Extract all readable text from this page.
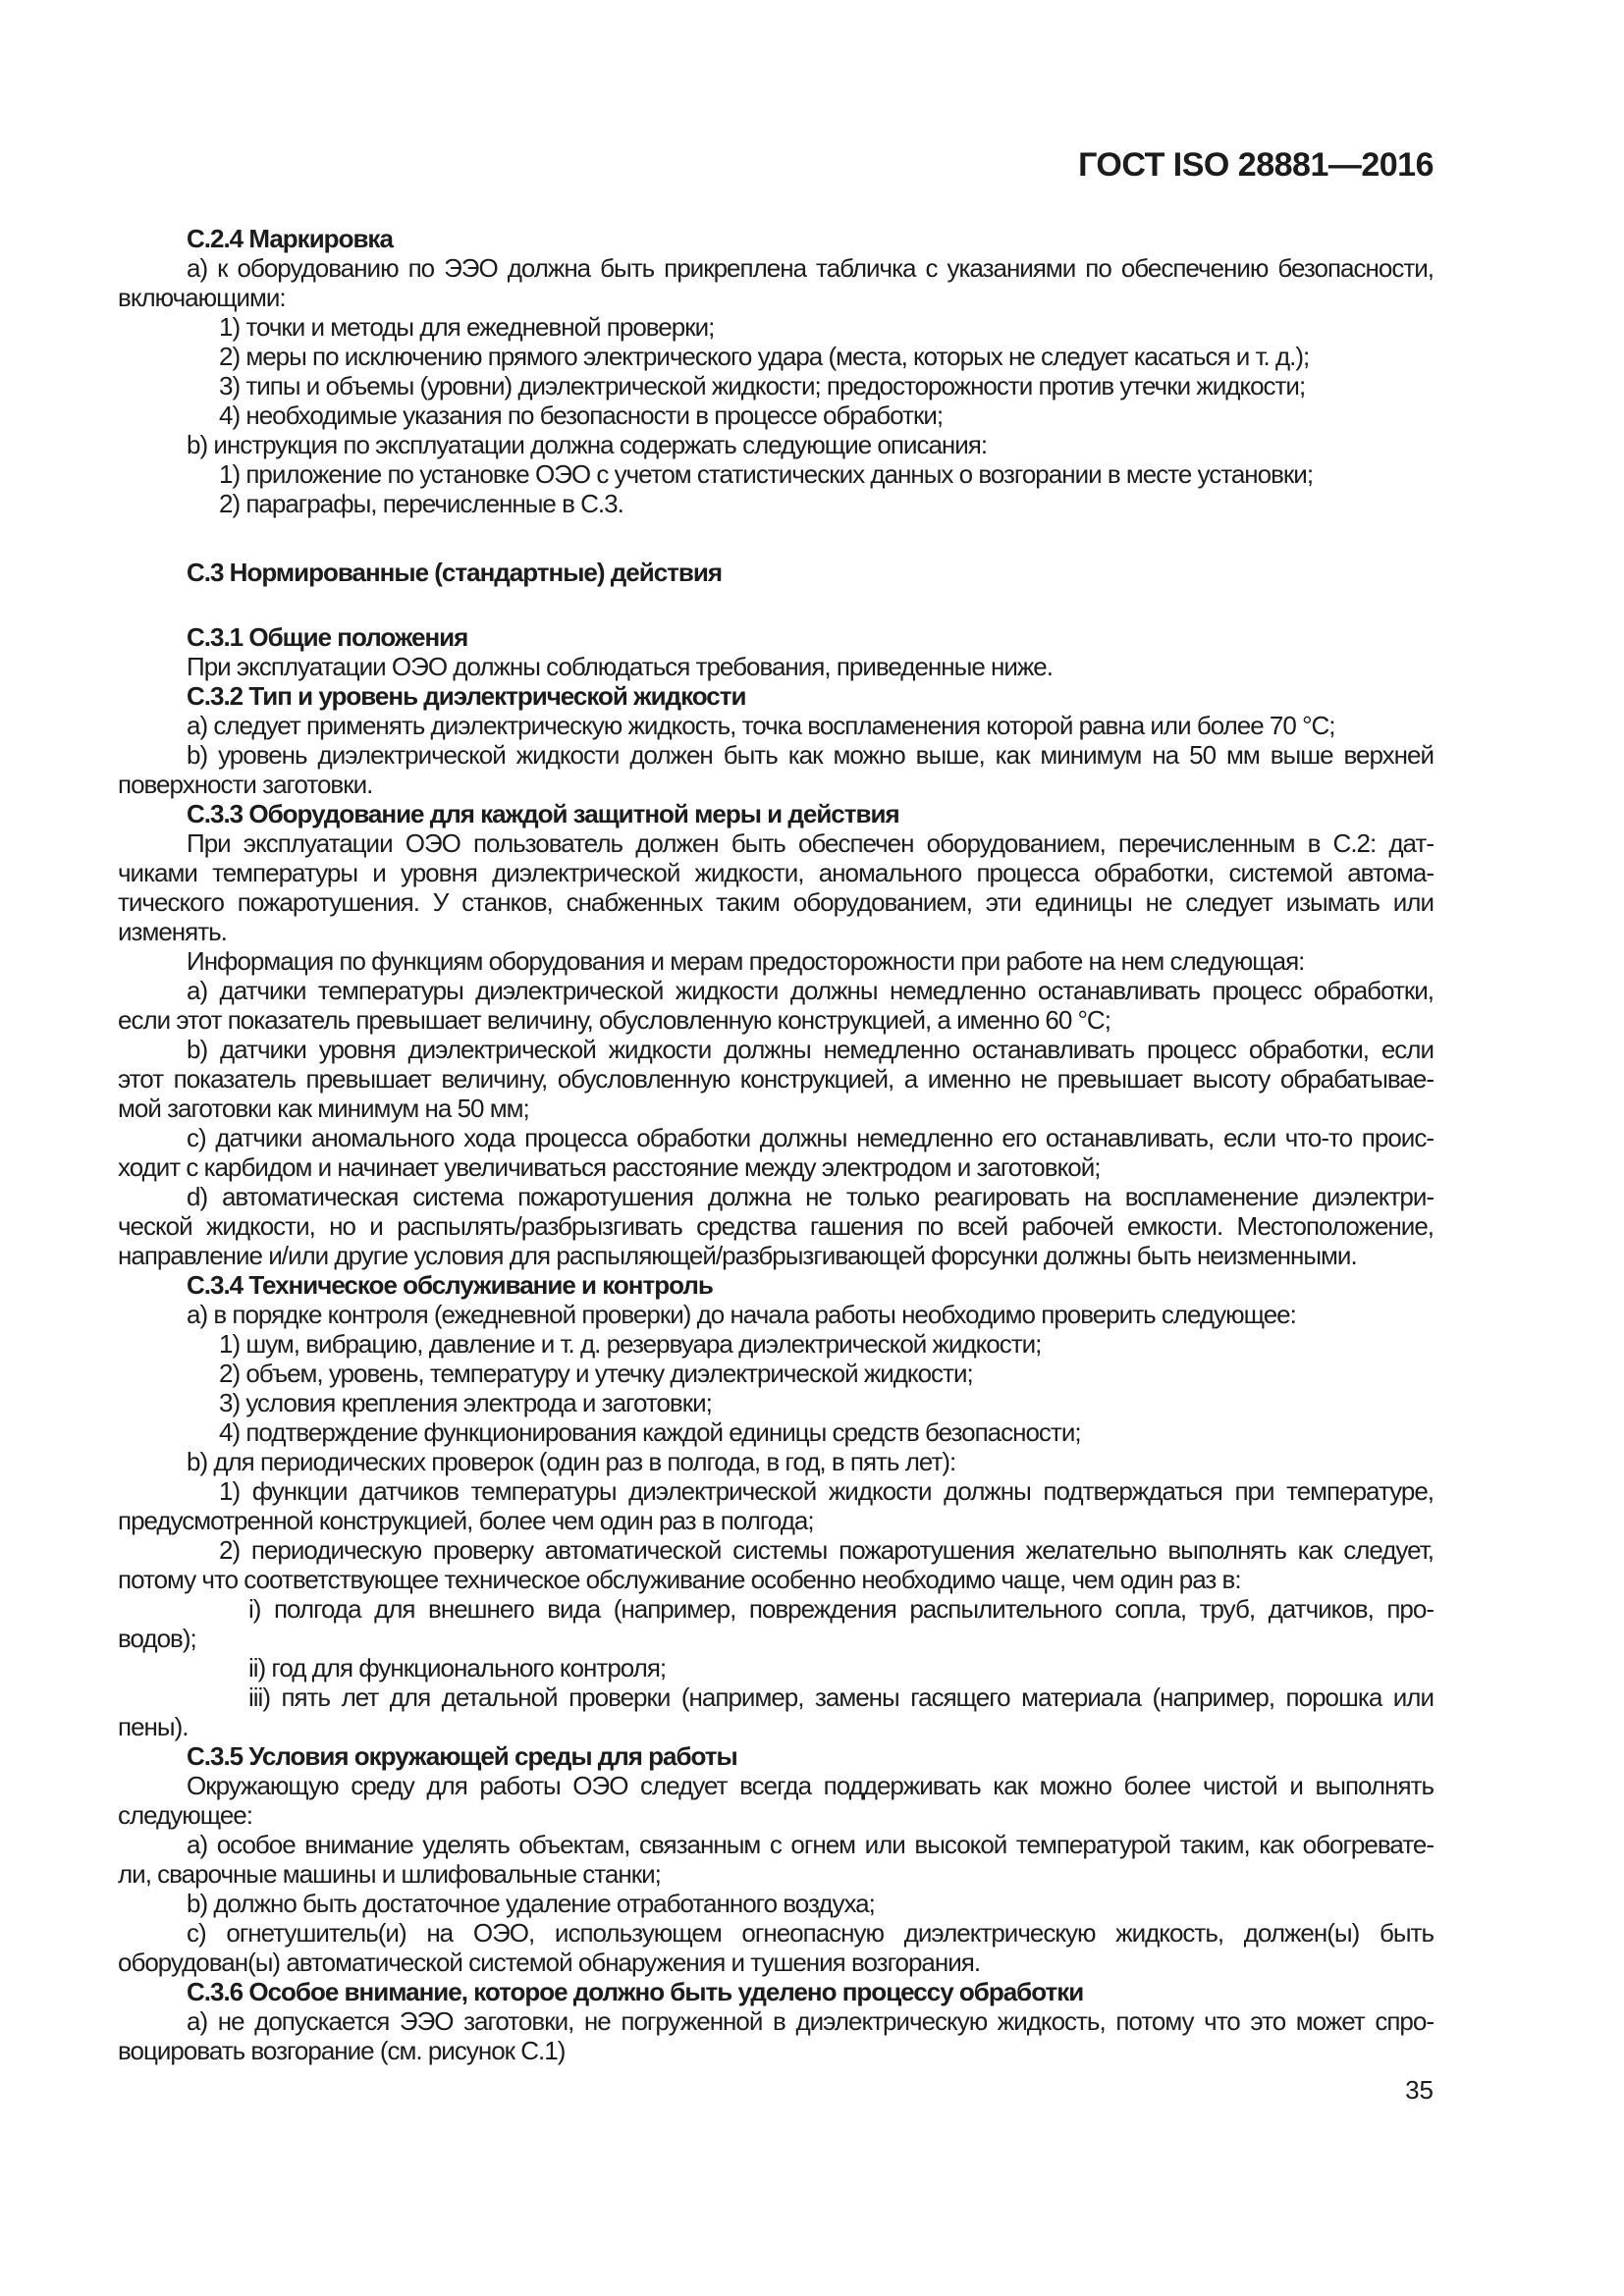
ГОСТ ISO 28881—2016
С.2.4 Маркировка
a) к оборудованию по ЭЭО должна быть прикреплена табличка с указаниями по обеспечению безопасности,
включающими:
1) точки и методы для ежедневной проверки;
2) меры по исключению прямого электрического удара (места, которых не следует касаться и т. д.);
3) типы и объемы (уровни) диэлектрической жидкости; предосторожности против утечки жидкости;
4) необходимые указания по безопасности в процессе обработки;
b) инструкция по эксплуатации должна содержать следующие описания:
1) приложение по установке ОЭО с учетом статистических данных о возгорании в месте установки;
2) параграфы, перечисленные в С.3.
С.3 Нормированные (стандартные) действия
С.3.1 Общие положения
При эксплуатации ОЭО должны соблюдаться требования, приведенные ниже.
С.3.2 Тип и уровень диэлектрической жидкости
a) следует применять диэлектрическую жидкость, точка воспламенения которой равна или более 70 °C;
b) уровень диэлектрической жидкости должен быть как можно выше, как минимум на 50 мм выше верхней
поверхности заготовки.
С.3.3 Оборудование для каждой защитной меры и действия
При эксплуатации ОЭО пользователь должен быть обеспечен оборудованием, перечисленным в С.2: дат-
чиками температуры и уровня диэлектрической жидкости, аномального процесса обработки, системой автома-
тического пожаротушения. У станков, снабженных таким оборудованием, эти единицы не следует изымать или
изменять.
Информация по функциям оборудования и мерам предосторожности при работе на нем следующая:
a) датчики температуры диэлектрической жидкости должны немедленно останавливать процесс обработки,
если этот показатель превышает величину, обусловленную конструкцией, а именно 60 °C;
b) датчики уровня диэлектрической жидкости должны немедленно останавливать процесс обработки, если
этот показатель превышает величину, обусловленную конструкцией, а именно не превышает высоту обрабатывае-
мой заготовки как минимум на 50 мм;
c) датчики аномального хода процесса обработки должны немедленно его останавливать, если что-то проис-
ходит с карбидом и начинает увеличиваться расстояние между электродом и заготовкой;
d) автоматическая система пожаротушения должна не только реагировать на воспламенение диэлектри-
ческой жидкости, но и распылять/разбрызгивать средства гашения по всей рабочей емкости. Местоположение,
направление и/или другие условия для распыляющей/разбрызгивающей форсунки должны быть неизменными.
С.3.4 Техническое обслуживание и контроль
a) в порядке контроля (ежедневной проверки) до начала работы необходимо проверить следующее:
1) шум, вибрацию, давление и т. д. резервуара диэлектрической жидкости;
2) объем, уровень, температуру и утечку диэлектрической жидкости;
3) условия крепления электрода и заготовки;
4) подтверждение функционирования каждой единицы средств безопасности;
b) для периодических проверок (один раз в полгода, в год, в пять лет):
1) функции датчиков температуры диэлектрической жидкости должны подтверждаться при температуре,
предусмотренной конструкцией, более чем один раз в полгода;
2) периодическую проверку автоматической системы пожаротушения желательно выполнять как следует,
потому что соответствующее техническое обслуживание особенно необходимо чаще, чем один раз в:
i) полгода для внешнего вида (например, повреждения распылительного сопла, труб, датчиков, про-
водов);
ii) год для функционального контроля;
iii) пять лет для детальной проверки (например, замены гасящего материала (например, порошка или
пены).
С.3.5 Условия окружающей среды для работы
Окружающую среду для работы ОЭО следует всегда поддерживать как можно более чистой и выполнять
следующее:
a) особое внимание уделять объектам, связанным с огнем или высокой температурой таким, как обогревате-
ли, сварочные машины и шлифовальные станки;
b) должно быть достаточное удаление отработанного воздуха;
c) огнетушитель(и) на ОЭО, использующем огнеопасную диэлектрическую жидкость, должен(ы) быть
оборудован(ы) автоматической системой обнаружения и тушения возгорания.
С.3.6 Особое внимание, которое должно быть уделено процессу обработки
a) не допускается ЭЭО заготовки, не погруженной в диэлектрическую жидкость, потому что это может спро-
воцировать возгорание (см. рисунок С.1)
35
